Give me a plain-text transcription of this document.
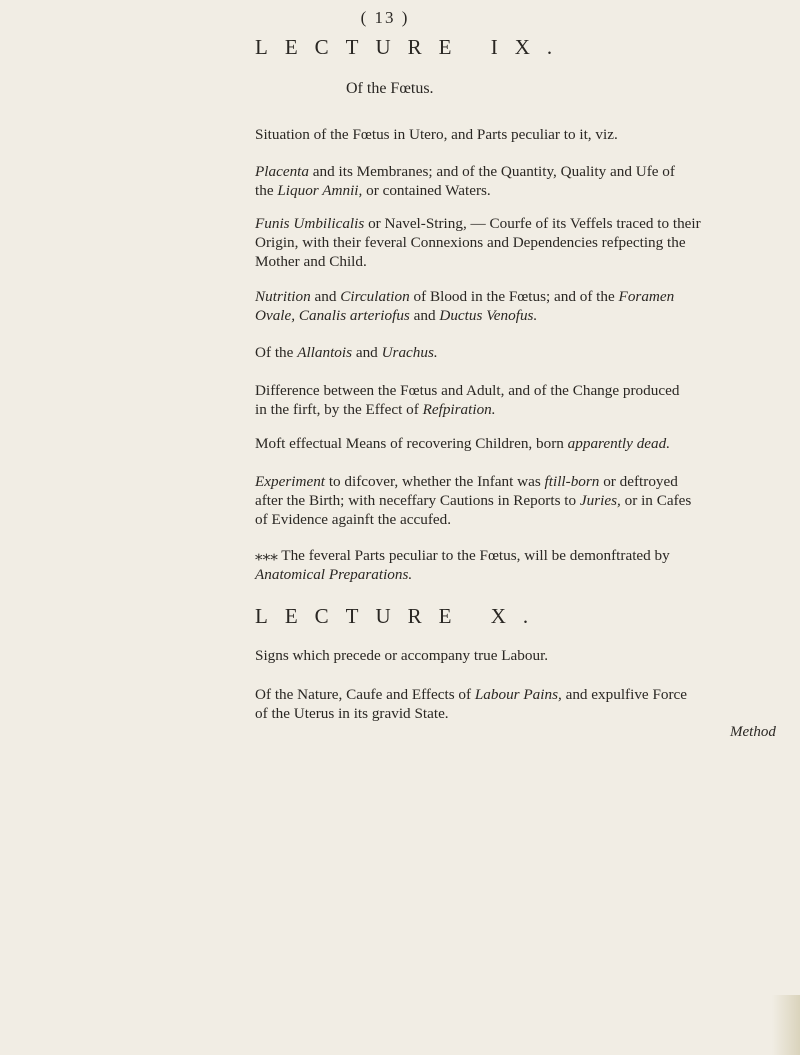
( 13 )
LECTURE IX.
Of the Fœtus.
Situation of the Fœtus in Utero, and Parts peculiar to it, viz.
Placenta and its Membranes; and of the Quantity, Quality and Ufe of
the Liquor Amnii, or contained Waters.
Funis Umbilicalis or Navel-String, — Courfe of its Veffels traced to their
Origin, with their feveral Connexions and Dependencies refpecting the
Mother and Child.
Nutrition and Circulation of Blood in the Fœtus; and of the Foramen
Ovale, Canalis arteriofus and Ductus Venofus.
Of the Allantois and Urachus.
Difference between the Fœtus and Adult, and of the Change produced
in the firft, by the Effect of Refpiration.
Moft effectual Means of recovering Children, born apparently dead.
Experiment to difcover, whether the Infant was ftill-born or deftroyed
after the Birth; with neceffary Cautions in Reports to Juries, or in Cafes
of Evidence againft the accufed.
⁎⁎⁎ The feveral Parts peculiar to the Fœtus, will be demonftrated by
Anatomical Preparations.
LECTURE X.
Signs which precede or accompany true Labour.
Of the Nature, Caufe and Effects of Labour Pains, and expulfive Force
of the Uterus in its gravid State.
Method
